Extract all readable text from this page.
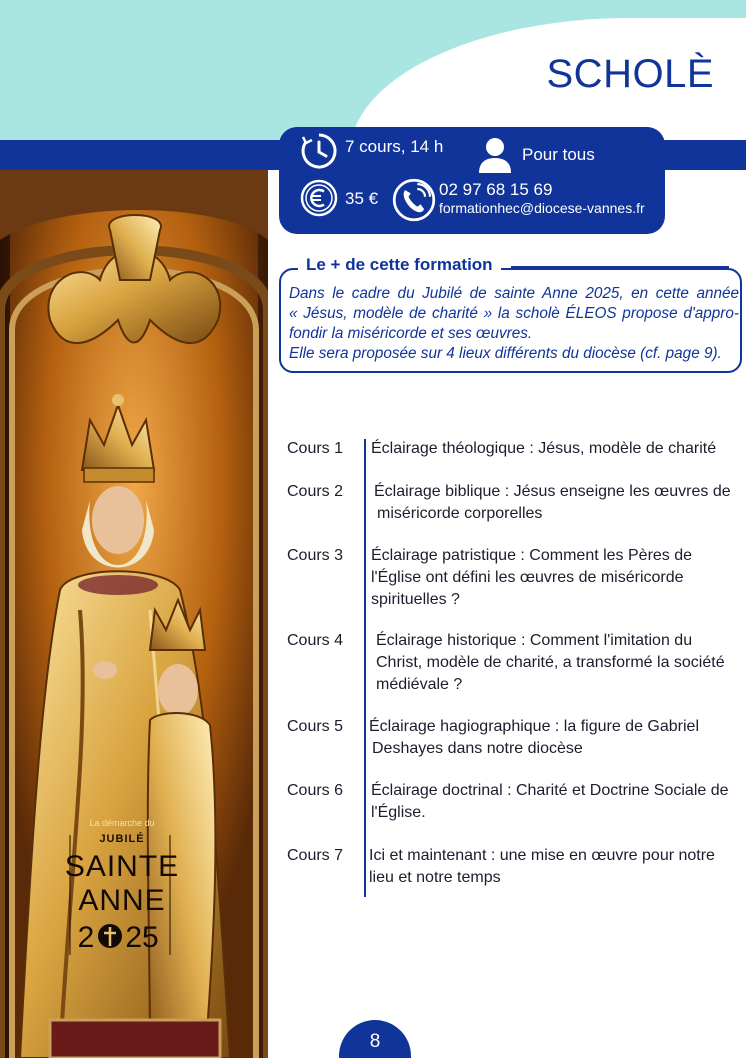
SCHOLÈ
7 cours, 14 h	Pour tous
35 €	02 97 68 15 69
formationhec@diocese-vannes.fr
La démarche du
JUBILÉ
SAINTE
ANNE
2 25
Le + de cette formation

Dans le cadre du Jubilé de sainte Anne 2025, en cette année

« Jésus, modèle de charité » la scholè ÉLEOS propose d'appro-

fondir la miséricorde et ses œuvres.

Elle sera proposée sur 4 lieux différents du diocèse (cf. page 9).

Cours 1 Éclairage théologique : Jésus, modèle de charité
Cours 2 Éclairage biblique : Jésus enseigne les œuvres de
miséricorde corporelles
Cours 3 Éclairage patristique : Comment les Pères de
l'Église ont défini les œuvres de miséricorde
spirituelles ?
Cours 4 Éclairage historique : Comment l'imitation du
Christ, modèle de charité, a transformé la société
médiévale ?
Cours 5 Éclairage hagiographique : la figure de Gabriel
Deshayes dans notre diocèse
Cours 6 Éclairage doctrinal : Charité et Doctrine Sociale de
l'Église.
Cours 7 Ici et maintenant : une mise en œuvre pour notre
lieu et notre temps
8
